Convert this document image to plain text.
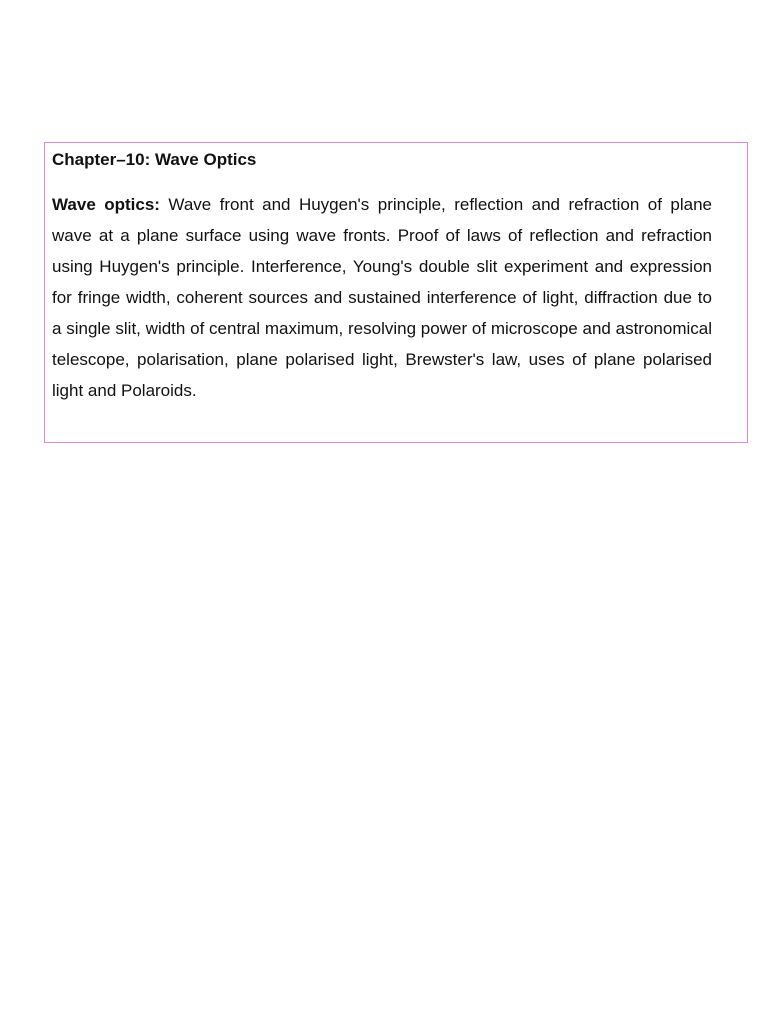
Chapter–10: Wave Optics

Wave optics: Wave front and Huygen's principle, reflection and refraction of plane wave at a plane surface using wave fronts. Proof of laws of reflection and refraction using Huygen's principle. Interference, Young's double slit experiment and expression for fringe width, coherent sources and sustained interference of light, diffraction due to a single slit, width of central maximum, resolving power of microscope and astronomical telescope, polarisation, plane polarised light, Brewster's law, uses of plane polarised light and Polaroids.
